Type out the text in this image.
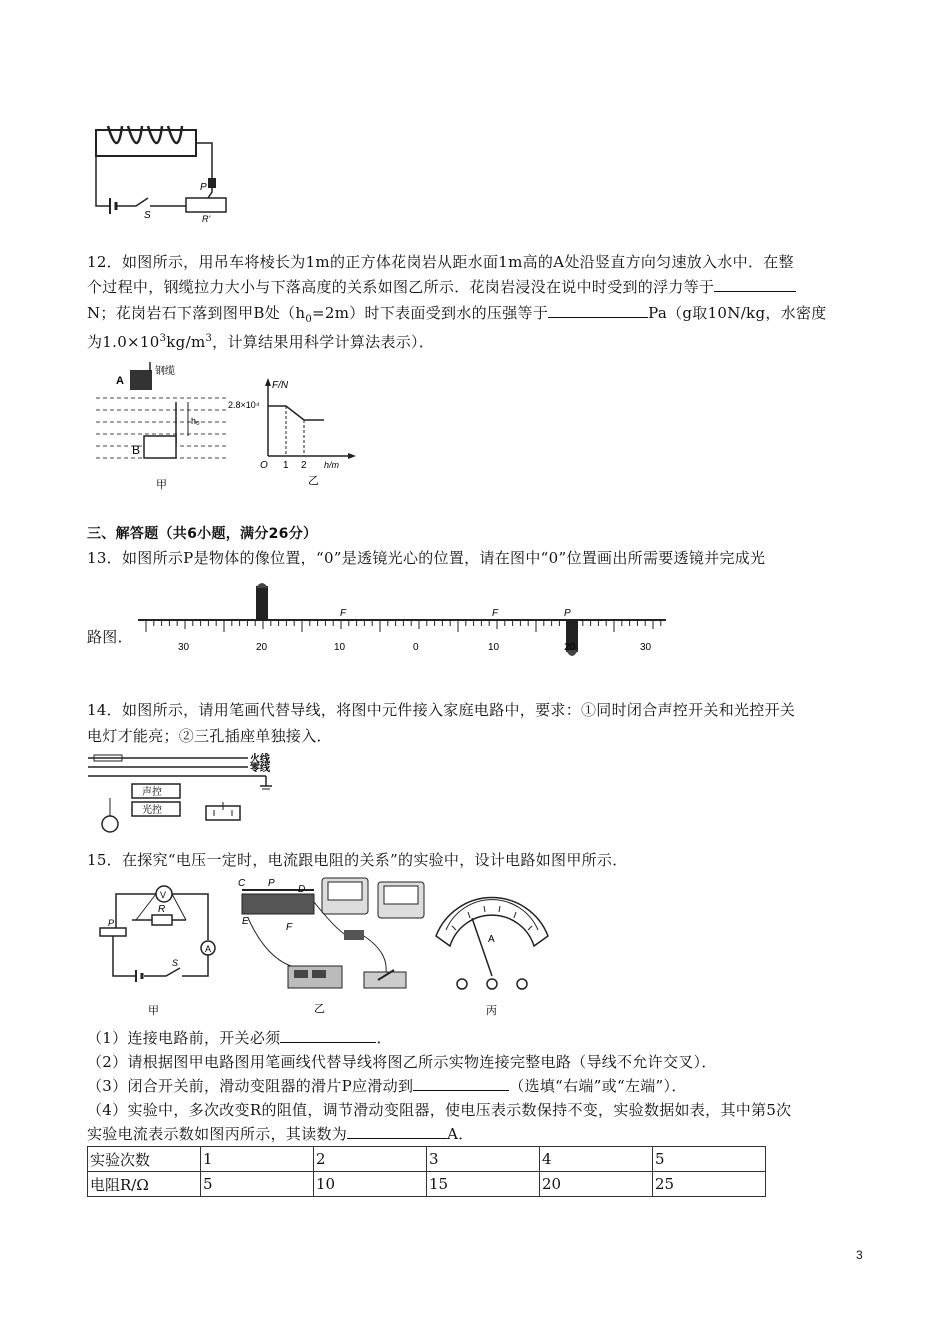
P
S	R'
12．如图所示，用吊车将棱长为1m的正方体花岗岩从距水面1m高的A处沿竖直方向匀速放入水中．在整
个过程中，钢缆拉力大小与下落高度的关系如图乙所示．花岗岩浸没在说中时受到的浮力等于
N；花岗岩石下落到图甲B处$(h_0=2m)$时下表面受到水的压强等于	Pa（g取10N/kg，水密度
为$1.0\times 10^3kg/m^3$，计算结果用科学计算法表示）．
A
钢缆
h₀
B
甲
F/N
2.8×10⁴
O 1 2 h/m
乙
三、解答题（共6小题，满分26分）
13．如图所示P是物体的像位置，“0”是透镜光心的位置，请在图中“0”位置画出所需要透镜并完成光
路图．
F	F	P
30	20	10	0	10	20	30
14．如图所示，请用笔画代替导线，将图中元件接入家庭电路中，要求：①同时闭合声控开关和光控开关
电灯才能亮；②三孔插座单独接入．
火线
零线
声控
光控
15．在探究“电压一定时，电流跟电阻的关系”的实验中，设计电路如图甲所示．
V
R
P
A
S
甲
C P
D
E
F
乙
A
丙
（1）连接电路前，开关必须	．
（2）请根据图甲电路图用笔画线代替导线将图乙所示实物连接完整电路（导线不允许交叉）．
（3）闭合开关前，滑动变阻器的滑片P应滑动到	（选填“右端”或“左端”）．
（4）实验中，多次改变R的阻值，调节滑动变阻器，使电压表示数保持不变，实验数据如表，其中第5次
实验电流表示数如图丙所示，其读数为	A．
实验次数	1	2	3	4	5
电阻R/Ω	5	10	15	20	25
3
